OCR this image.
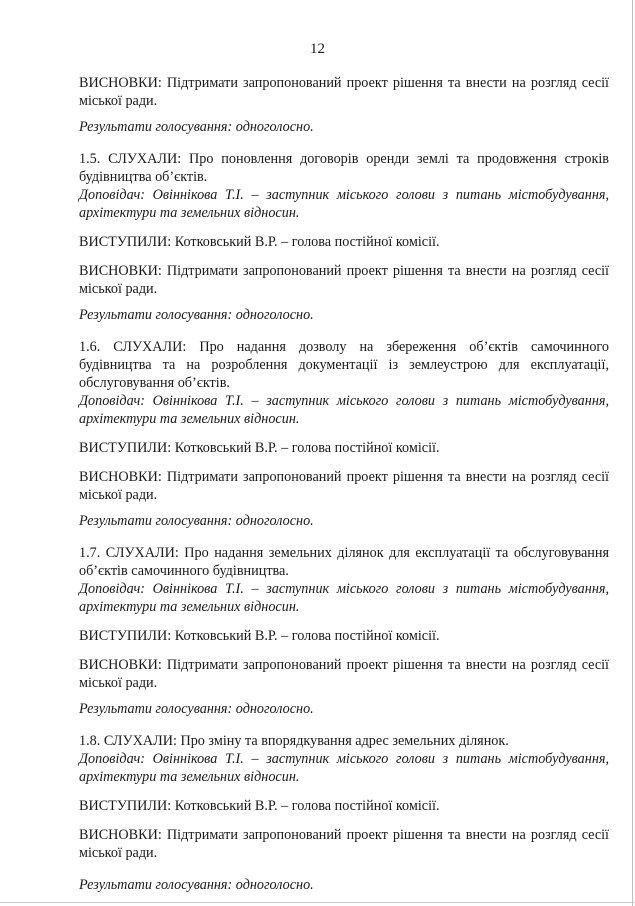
12

ВИСНОВКИ: Підтримати запропонований проект рішення та внести на розгляд сесії міської ради.

Результати голосування: одноголосно.

1.5. СЛУХАЛИ: Про поновлення договорів оренди землі та продовження строків будівництва об’єктів.

Доповідач: Овіннікова Т.І. – заступник міського голови з питань містобудування, архітектури та земельних відносин.

ВИСТУПИЛИ: Котковський В.Р. – голова постійної комісії.

ВИСНОВКИ: Підтримати запропонований проект рішення та внести на розгляд сесії міської ради.

Результати голосування: одноголосно.

1.6. СЛУХАЛИ: Про надання дозволу на збереження об’єктів самочинного будівництва та на розроблення документації із землеустрою для експлуатації, обслуговування об’єктів.

Доповідач: Овіннікова Т.І. – заступник міського голови з питань містобудування, архітектури та земельних відносин.

ВИСТУПИЛИ: Котковський В.Р. – голова постійної комісії.

ВИСНОВКИ: Підтримати запропонований проект рішення та внести на розгляд сесії міської ради.

Результати голосування: одноголосно.

1.7. СЛУХАЛИ: Про надання земельних ділянок для експлуатації та обслуговування об’єктів самочинного будівництва.

Доповідач: Овіннікова Т.І. – заступник міського голови з питань містобудування, архітектури та земельних відносин.

ВИСТУПИЛИ: Котковський В.Р. – голова постійної комісії.

ВИСНОВКИ: Підтримати запропонований проект рішення та внести на розгляд сесії міської ради.

Результати голосування: одноголосно.

1.8. СЛУХАЛИ: Про зміну та впорядкування адрес земельних ділянок.

Доповідач: Овіннікова Т.І. – заступник міського голови з питань містобудування, архітектури та земельних відносин.

ВИСТУПИЛИ: Котковський В.Р. – голова постійної комісії.

ВИСНОВКИ: Підтримати запропонований проект рішення та внести на розгляд сесії міської ради.

Результати голосування: одноголосно.
